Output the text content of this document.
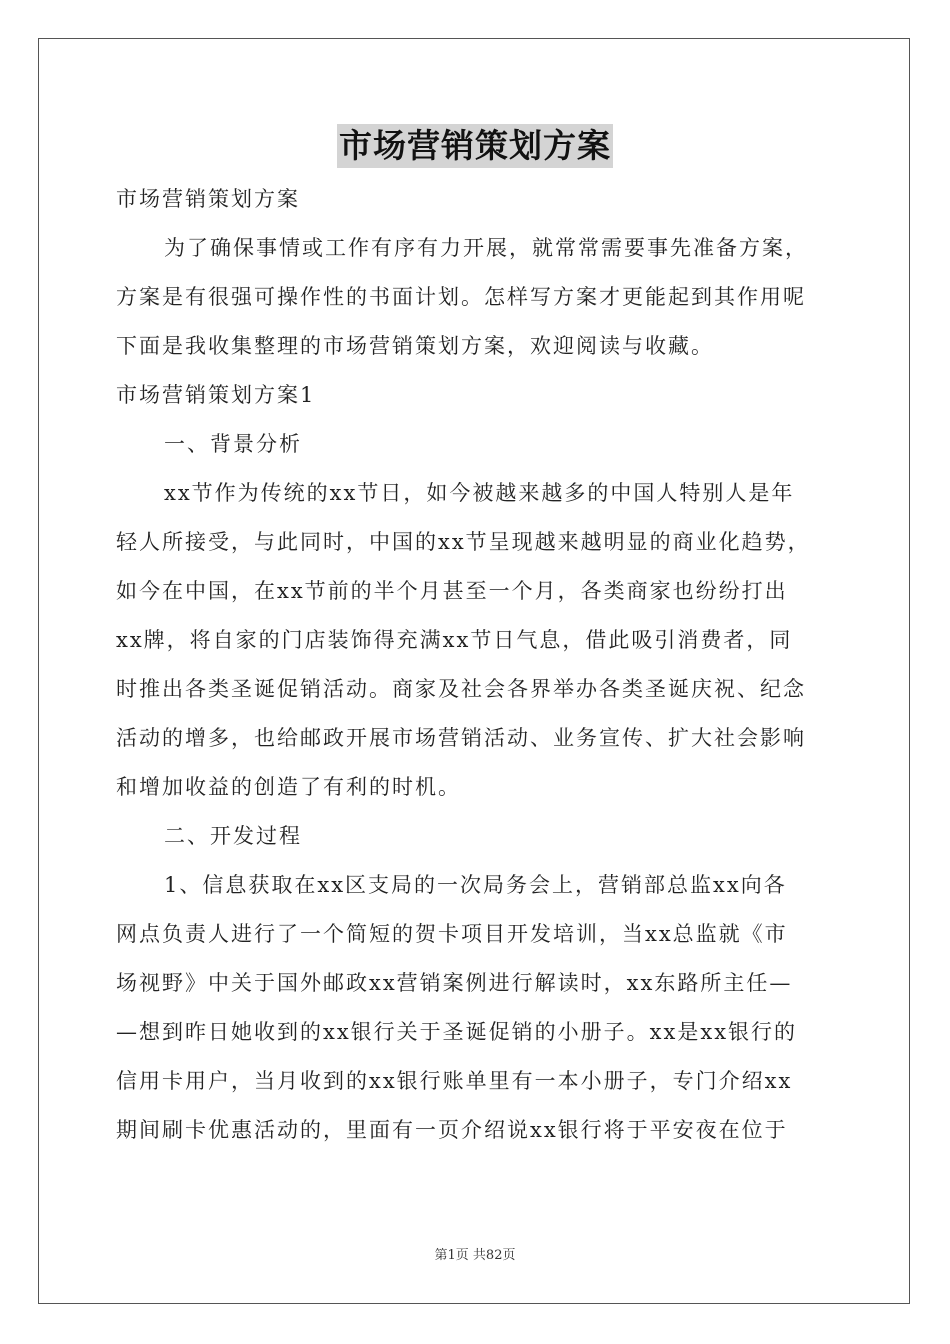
市场营销策划方案

市场营销策划方案

为了确保事情或工作有序有力开展，就常常需要事先准备方案，

方案是有很强可操作性的书面计划。怎样写方案才更能起到其作用呢

下面是我收集整理的市场营销策划方案，欢迎阅读与收藏。

市场营销策划方案1

一、背景分析

xx节作为传统的xx节日，如今被越来越多的中国人特别人是年

轻人所接受，与此同时，中国的xx节呈现越来越明显的商业化趋势，

如今在中国，在xx节前的半个月甚至一个月，各类商家也纷纷打出

xx牌，将自家的门店装饰得充满xx节日气息，借此吸引消费者，同

时推出各类圣诞促销活动。商家及社会各界举办各类圣诞庆祝、纪念

活动的增多，也给邮政开展市场营销活动、业务宣传、扩大社会影响

和增加收益的创造了有利的时机。

二、开发过程

1、信息获取在xx区支局的一次局务会上，营销部总监xx向各

网点负责人进行了一个简短的贺卡项目开发培训，当xx总监就《市

场视野》中关于国外邮政xx营销案例进行解读时，xx东路所主任—

—想到昨日她收到的xx银行关于圣诞促销的小册子。xx是xx银行的

信用卡用户，当月收到的xx银行账单里有一本小册子，专门介绍xx

期间刷卡优惠活动的，里面有一页介绍说xx银行将于平安夜在位于

第1页 共82页
